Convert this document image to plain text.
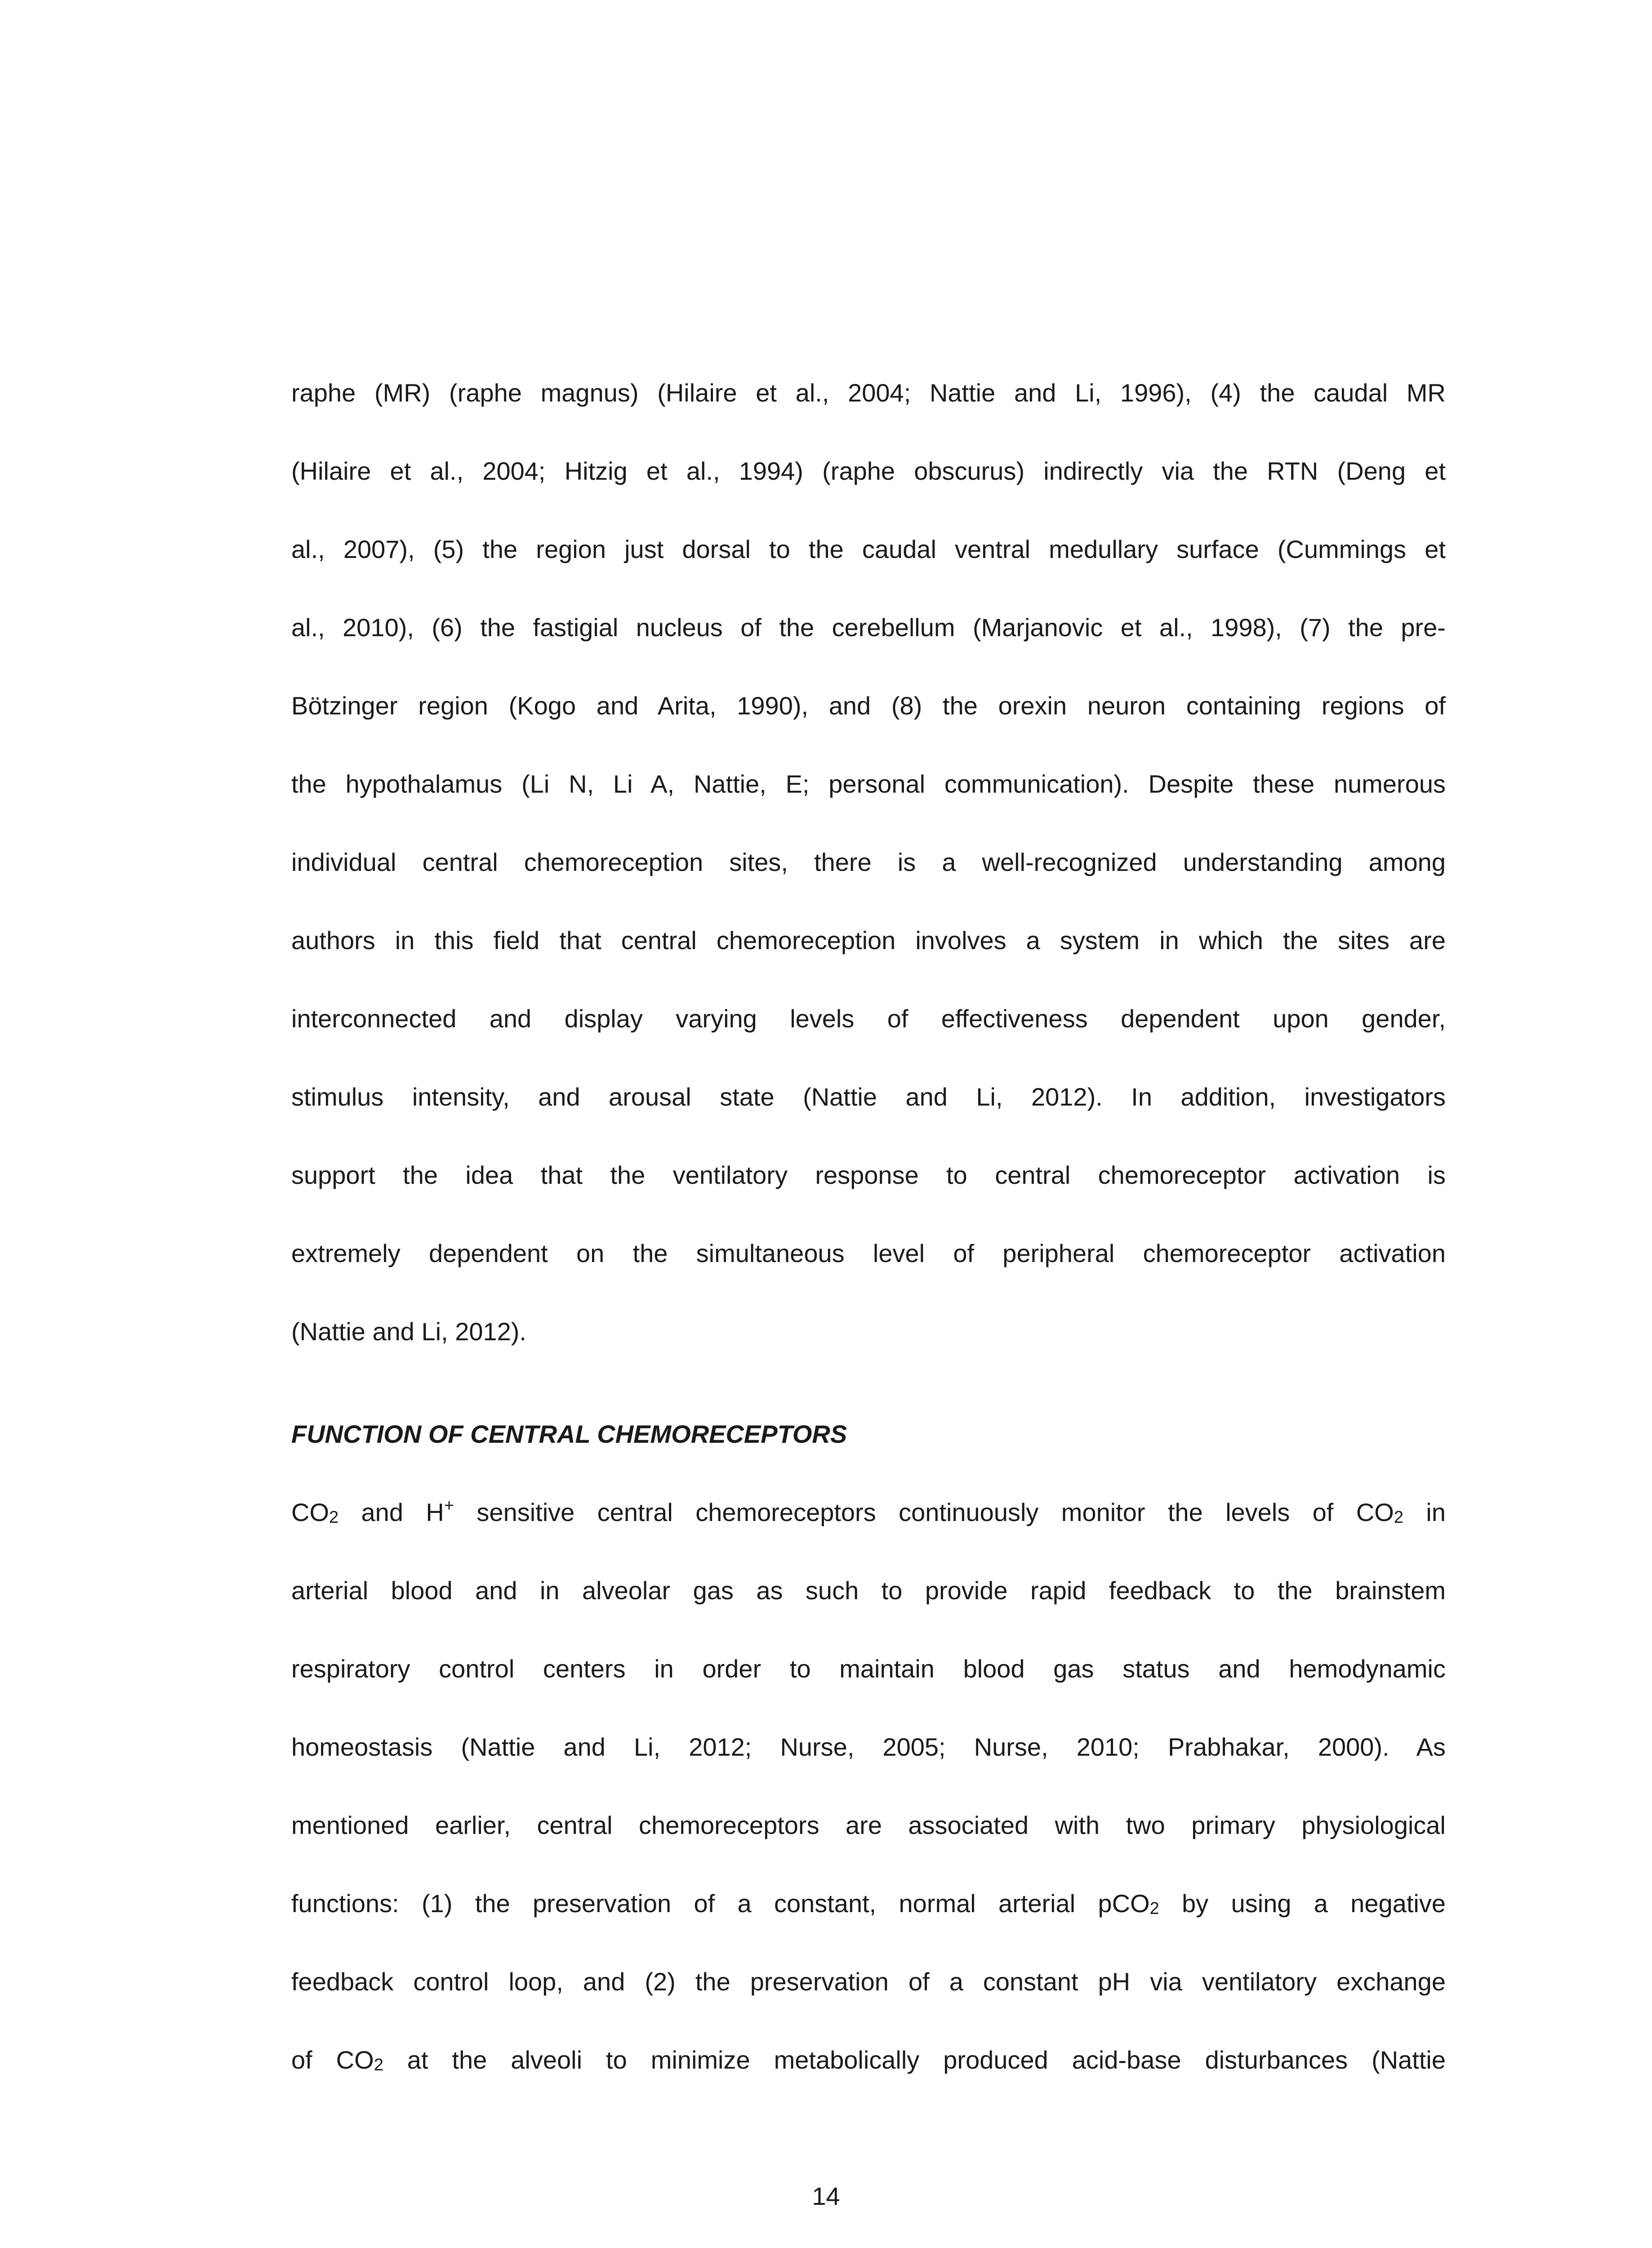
raphe (MR) (raphe magnus) (Hilaire et al., 2004; Nattie and Li, 1996), (4) the caudal MR
(Hilaire et al., 2004; Hitzig et al., 1994) (raphe obscurus) indirectly via the RTN (Deng et
al., 2007), (5) the region just dorsal to the caudal ventral medullary surface (Cummings et
al., 2010), (6) the fastigial nucleus of the cerebellum (Marjanovic et al., 1998), (7) the pre-
Bötzinger region (Kogo and Arita, 1990), and (8) the orexin neuron containing regions of
the hypothalamus (Li N, Li A, Nattie, E; personal communication). Despite these numerous
individual central chemoreception sites, there is a well-recognized understanding among
authors in this field that central chemoreception involves a system in which the sites are
interconnected and display varying levels of effectiveness dependent upon gender,
stimulus intensity, and arousal state (Nattie and Li, 2012). In addition, investigators
support the idea that the ventilatory response to central chemoreceptor activation is
extremely dependent on the simultaneous level of peripheral chemoreceptor activation
(Nattie and Li, 2012).
FUNCTION OF CENTRAL CHEMORECEPTORS
$CO_2$ and H+ sensitive central chemoreceptors continuously monitor the levels of $CO_2$ in
arterial blood and in alveolar gas as such to provide rapid feedback to the brainstem
respiratory control centers in order to maintain blood gas status and hemodynamic
homeostasis (Nattie and Li, 2012; Nurse, 2005; Nurse, 2010; Prabhakar, 2000). As
mentioned earlier, central chemoreceptors are associated with two primary physiological
functions: (1) the preservation of a constant, normal arterial pCO$_2$ by using a negative
feedback control loop, and (2) the preservation of a constant pH via ventilatory exchange
of $CO_2$ at the alveoli to minimize metabolically produced acid-base disturbances (Nattie
14
